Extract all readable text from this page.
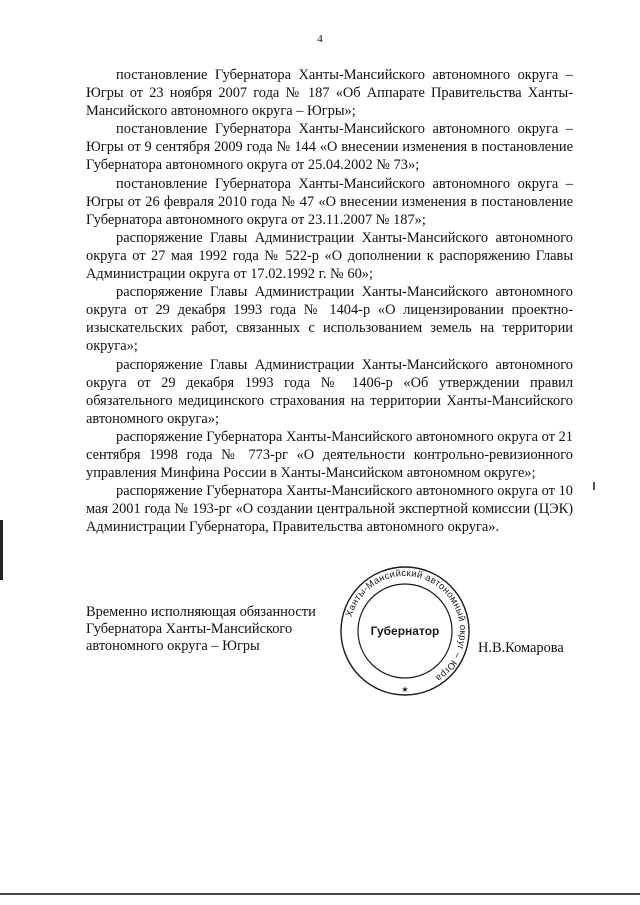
4

постановление Губернатора Ханты-Мансийского автономного округа – Югры от 23 ноября 2007 года № 187 «Об Аппарате Правительства Ханты-Мансийского автономного округа – Югры»;

постановление Губернатора Ханты-Мансийского автономного округа – Югры от 9 сентября 2009 года № 144 «О внесении изменения в постановление Губернатора автономного округа от 25.04.2002 № 73»;

постановление Губернатора Ханты-Мансийского автономного округа – Югры от 26 февраля 2010 года № 47 «О внесении изменения в постановление Губернатора автономного округа от 23.11.2007 № 187»;

распоряжение Главы Администрации Ханты-Мансийского автономного округа от 27 мая 1992 года № 522-р «О дополнении к распоряжению Главы Администрации округа от 17.02.1992 г. № 60»;

распоряжение Главы Администрации Ханты-Мансийского автономного округа от 29 декабря 1993 года № 1404-р «О лицензировании проектно-изыскательских работ, связанных с использованием земель на территории округа»;

распоряжение Главы Администрации Ханты-Мансийского автономного округа от 29 декабря 1993 года № 1406-р «Об утверждении правил обязательного медицинского страхования на территории Ханты-Мансийского автономного округа»;

распоряжение Губернатора Ханты-Мансийского автономного округа от 21 сентября 1998 года № 773-рг «О деятельности контрольно-ревизионного управления Минфина России в Ханты-Мансийском автономном округе»;

распоряжение Губернатора Ханты-Мансийского автономного округа от 10 мая 2001 года № 193-рг «О создании центральной экспертной комиссии (ЦЭК) Администрации Губернатора, Правительства автономного округа».

Временно исполняющая обязанности
Губернатора Ханты-Мансийского
автономного округа – Югры	Н.В.Комарова
Ханты-Мансийский автономный округ – Югра
Губернатор
★
